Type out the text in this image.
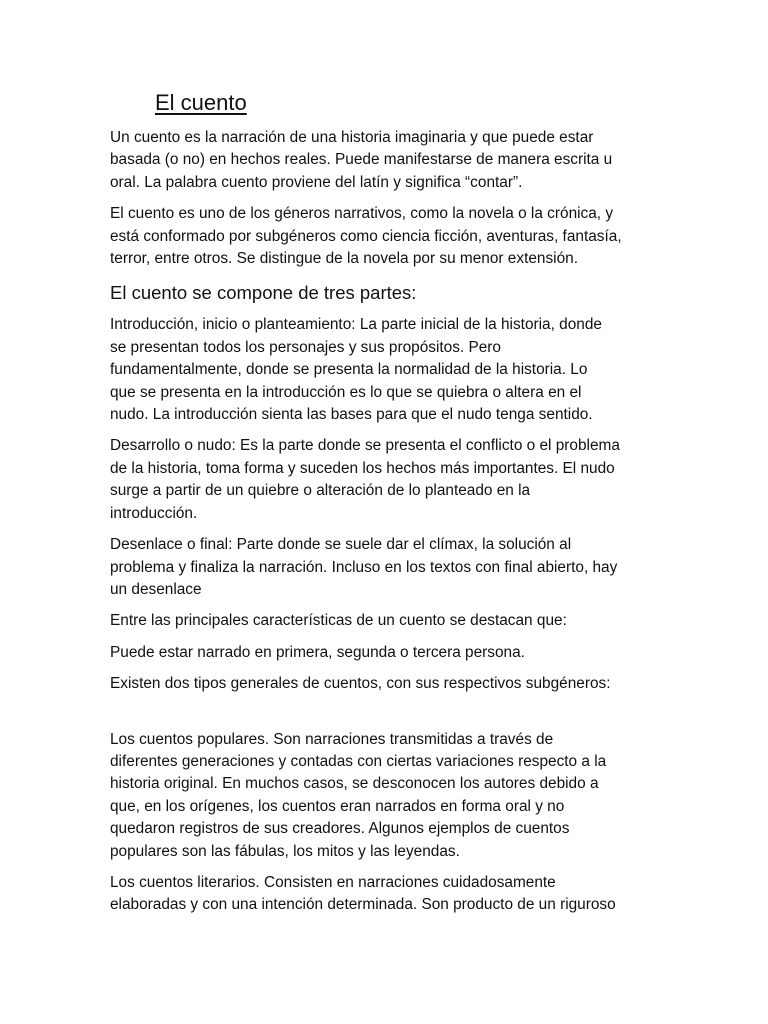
El cuento

Un cuento es la narración de una historia imaginaria y que puede estar
basada (o no) en hechos reales. Puede manifestarse de manera escrita u
oral. La palabra cuento proviene del latín y significa “contar”.

El cuento es uno de los géneros narrativos, como la novela o la crónica, y
está conformado por subgéneros como ciencia ficción, aventuras, fantasía,
terror, entre otros. Se distingue de la novela por su menor extensión.

El cuento se compone de tres partes:

Introducción, inicio o planteamiento: La parte inicial de la historia, donde
se presentan todos los personajes y sus propósitos. Pero
fundamentalmente, donde se presenta la normalidad de la historia. Lo
que se presenta en la introducción es lo que se quiebra o altera en el
nudo. La introducción sienta las bases para que el nudo tenga sentido.

Desarrollo o nudo: Es la parte donde se presenta el conflicto o el problema
de la historia, toma forma y suceden los hechos más importantes. El nudo
surge a partir de un quiebre o alteración de lo planteado en la
introducción.

Desenlace o final: Parte donde se suele dar el clímax, la solución al
problema y finaliza la narración. Incluso en los textos con final abierto, hay
un desenlace

Entre las principales características de un cuento se destacan que:

Puede estar narrado en primera, segunda o tercera persona.

Existen dos tipos generales de cuentos, con sus respectivos subgéneros:

Los cuentos populares. Son narraciones transmitidas a través de
diferentes generaciones y contadas con ciertas variaciones respecto a la
historia original. En muchos casos, se desconocen los autores debido a
que, en los orígenes, los cuentos eran narrados en forma oral y no
quedaron registros de sus creadores. Algunos ejemplos de cuentos
populares son las fábulas, los mitos y las leyendas.

Los cuentos literarios. Consisten en narraciones cuidadosamente
elaboradas y con una intención determinada. Son producto de un riguroso
